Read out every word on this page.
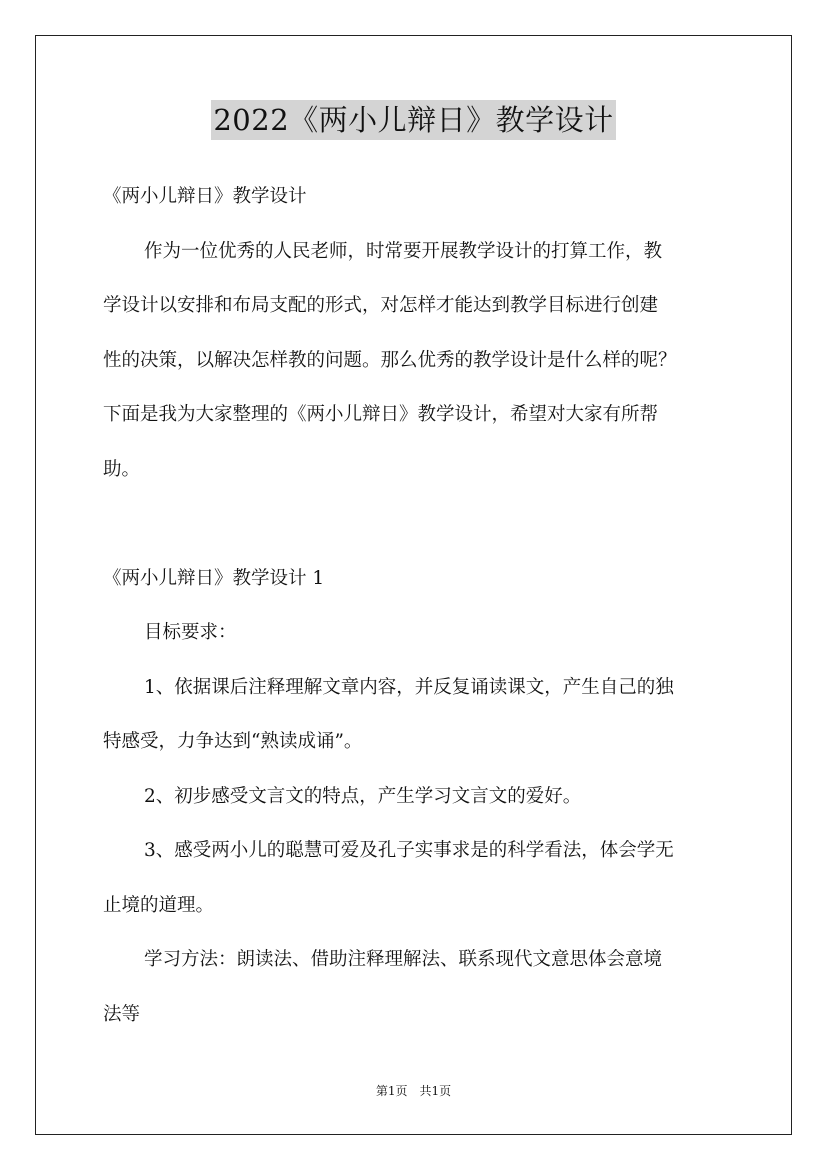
2022《两小儿辩日》教学设计

《两小儿辩日》教学设计

作为一位优秀的人民老师，时常要开展教学设计的打算工作，教

学设计以安排和布局支配的形式，对怎样才能达到教学目标进行创建

性的决策，以解决怎样教的问题。那么优秀的教学设计是什么样的呢？

下面是我为大家整理的《两小儿辩日》教学设计，希望对大家有所帮

助。

《两小儿辩日》教学设计 1

目标要求：

1、依据课后注释理解文章内容，并反复诵读课文，产生自己的独

特感受，力争达到“熟读成诵”。

2、初步感受文言文的特点，产生学习文言文的爱好。

3、感受两小儿的聪慧可爱及孔子实事求是的科学看法，体会学无

止境的道理。

学习方法：朗读法、借助注释理解法、联系现代文意思体会意境

法等

第1页　共1页
